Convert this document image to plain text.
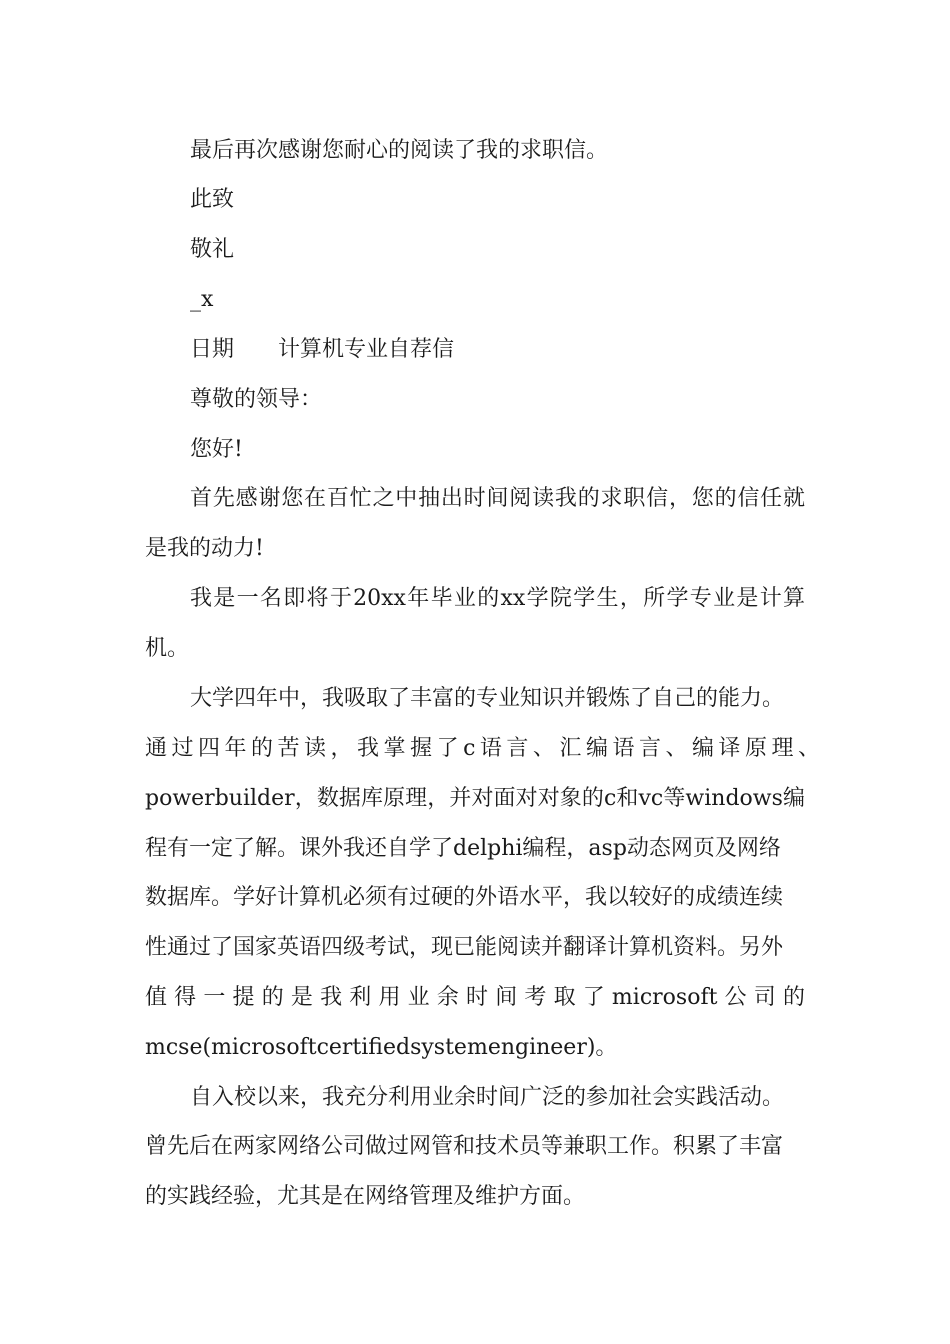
最后再次感谢您耐心的阅读了我的求职信。
此致
敬礼
_x
日期 计算机专业自荐信
尊敬的领导：
您好!
首先感谢您在百忙之中抽出时间阅读我的求职信，您的信任就
是我的动力!
我是一名即将于20xx年毕业的xx学院学生，所学专业是计算
机。
大学四年中，我吸取了丰富的专业知识并锻炼了自己的能力。
通过四年的苦读，我掌握了c语言、汇编语言、编译原理、
powerbuilder，数据库原理，并对面对对象的c和vc等windows编
程有一定了解。课外我还自学了delphi编程，asp动态网页及网络
数据库。学好计算机必须有过硬的外语水平，我以较好的成绩连续
性通过了国家英语四级考试，现已能阅读并翻译计算机资料。另外
值得一提的是我利用业余时间考取了microsoft公司的
mcse(microsoftcertifiedsystemengineer)。
自入校以来，我充分利用业余时间广泛的参加社会实践活动。
曾先后在两家网络公司做过网管和技术员等兼职工作。积累了丰富
的实践经验，尤其是在网络管理及维护方面。
